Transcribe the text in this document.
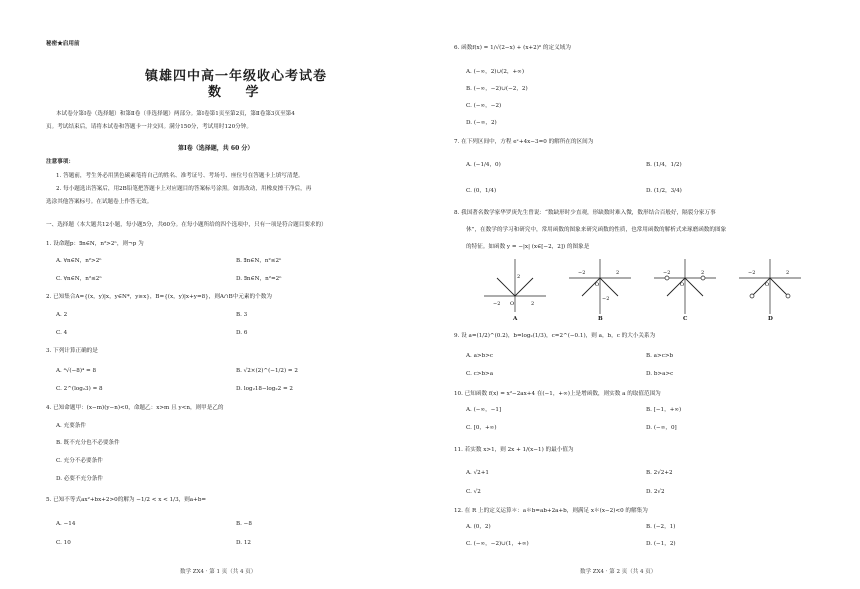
秘密★启用前
镇雄四中高一年级收心考试卷
数 学
本试卷分第Ⅰ卷（选择题）和第Ⅱ卷（非选择题）两部分。第Ⅰ卷第1页至第2页，第Ⅱ卷第3页至第4
页。考试结束后，请将本试卷和答题卡一并交回。满分150分，考试用时120分钟。
第Ⅰ卷（选择题，共 60 分）
注意事项：
1. 答题前，考生务必用黑色碳素笔将自己的姓名、准考证号、考场号、座位号在答题卡上填写清楚。
2. 每小题选出答案后，用2B铅笔把答题卡上对应题目的答案标号涂黑。如需改动，用橡皮擦干净后，再
选涂其他答案标号。在试题卷上作答无效。
一、选择题（本大题共12小题，每小题5分，共60分。在每小题所给的四个选项中，只有一项是符合题目要求的）
1. 设命题p：∃n∈N，n²>2ⁿ，则¬p 为
A. ∀n∈N，n²>2ⁿ	B. ∃n∈N，n²≤2ⁿ
C. ∀n∈N，n²≤2ⁿ	D. ∃n∈N，n²=2ⁿ
2. 已知集合A={(x，y)|x，y∈N*，y≥x}，B={(x，y)|x+y=8}，则A∩B中元素的个数为
A. 2	B. 3
C. 4	D. 6
3. 下列计算正确的是
A. ⁴√(−8)⁴ = 8	B. √2×(2)^(−1/2) = 2
C. 2^(log₂3) = 8	D. log₂18−log₂2 = 2
4. 已知命题甲：(x−m)(y−n)<0，命题乙：x>m 且 y<n，则甲是乙的
A. 充要条件
B. 既不充分也不必要条件
C. 充分不必要条件
D. 必要不充分条件
5. 已知不等式ax²+bx+2>0的解为 −1/2 < x < 1/3，则a+b=
A. −14	B. −8
C. 10	D. 12
数学 ZX4 · 第 1 页（共 4 页）
6. 函数f(x) = 1/√(2−x) + (x+2)⁰ 的定义域为
A. (−∞，2)∪(2，+∞)
B. (−∞，−2)∪(−2，2)
C. (−∞，−2)
D. (−∞，2)
7. 在下列区间中，方程 eˣ+4x−3=0 的解所在的区间为
A. (−1/4，0)	B. (1/4，1/2)
C. (0，1/4)	D. (1/2，3/4)
8. 我国著名数学家华罗庚先生曾说：“数缺形时少直观，形缺数时难入微，数形结合百般好，隔裂分家万事
休”，在数学的学习和研究中，常用函数的图象来研究函数的性质，也常用函数的解析式来琢磨函数的图象
的特征。如函数 y = −|x| (x∈[−2，2]) 的图象是
−2	2
O
2
A
−2	2
O
−2
B
−2	2
O
C
−2	2
O
D
9. 设 a=(1/2)^(0.2)，b=log₂(1/3)，c=2^(−0.1)，则 a，b，c 的大小关系为
A. a>b>c	B. a>c>b
C. c>b>a	D. b>a>c
10. 已知函数 f(x) = x²−2ax+4 在(−1，+∞)上是增函数，则实数 a 的取值范围为
A. (−∞，−1]	B. [−1，+∞)
C. [0，+∞)	D. (−∞，0]
11. 若实数 x>1，则 2x + 1/(x−1) 的最小值为
A. √2+1	B. 2√2+2
C. √2	D. 2√2
12. 在 R 上的定义运算＊：a＊b=ab+2a+b，则满足 x＊(x−2)<0 的解集为
A. (0，2)	B. (−2，1)
C. (−∞，−2)∪(1，+∞)	D. (−1，2)
数学 ZX4 · 第 2 页（共 4 页）
